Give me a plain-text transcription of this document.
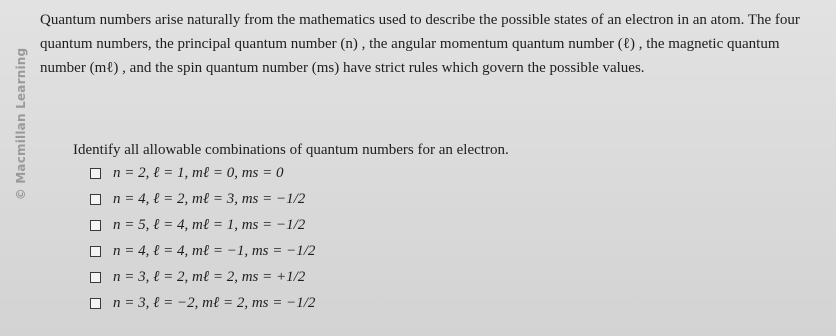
© Macmillan Learning

Quantum numbers arise naturally from the mathematics used to describe the possible states of an electron in an atom. The four quantum numbers, the principal quantum number (n) , the angular momentum quantum number (ℓ) , the magnetic quantum number (mℓ) , and the spin quantum number (ms) have strict rules which govern the possible values.

Identify all allowable combinations of quantum numbers for an electron.

n = 2, ℓ = 1, mℓ = 0, ms = 0
n = 4, ℓ = 2, mℓ = 3, ms = −1/2
n = 5, ℓ = 4, mℓ = 1, ms = −1/2
n = 4, ℓ = 4, mℓ = −1, ms = −1/2
n = 3, ℓ = 2, mℓ = 2, ms = +1/2
n = 3, ℓ = −2, mℓ = 2, ms = −1/2
